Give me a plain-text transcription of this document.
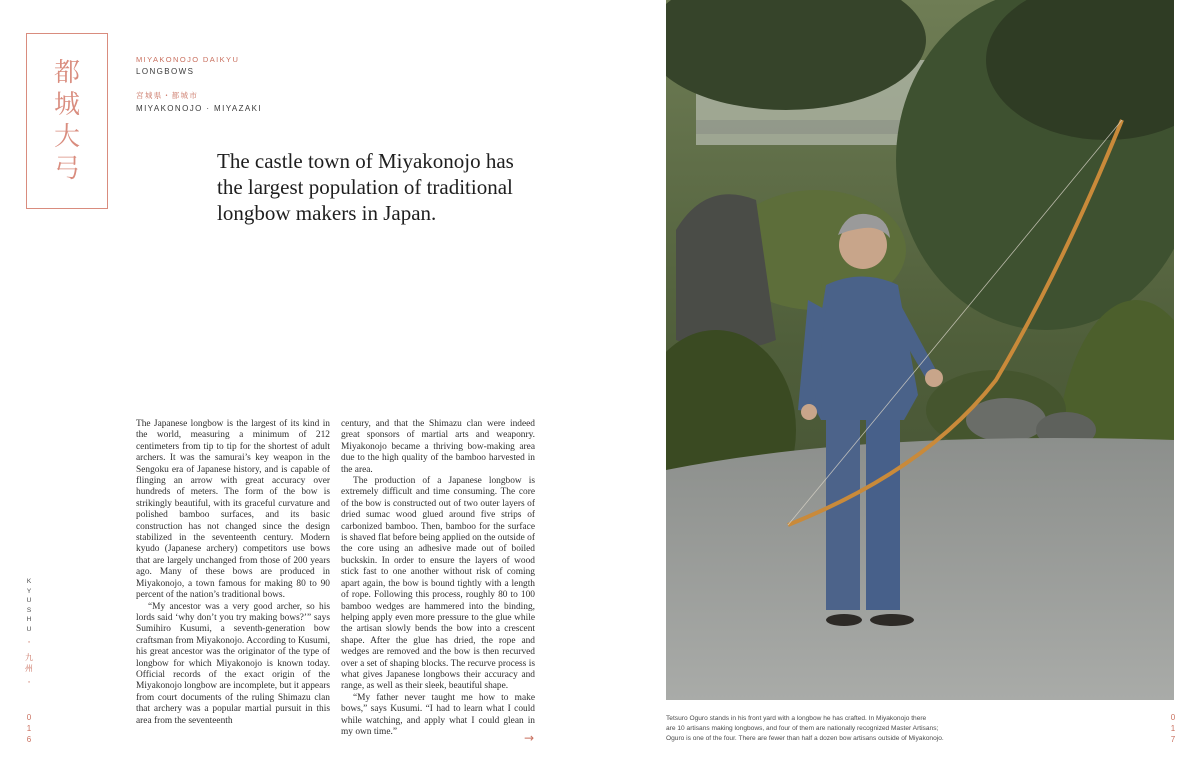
都
城
大
弓
MIYAKONOJO DAIKYU
LONGBOWS
宮城県・都城市
MIYAKONOJO · MIYAZAKI
The castle town of Miyakonojo has
the largest population of traditional
longbow makers in Japan.

The Japanese longbow is the largest of its kind in the world, measuring a minimum of 212 centimeters from tip to tip for the shortest of adult archers. It was the samurai’s key weapon in the Sengoku era of Japanese history, and is capable of flinging an arrow with great accuracy over hundreds of meters. The form of the bow is strikingly beautiful, with its graceful curvature and polished bamboo surfaces, and its basic construction has not changed since the design stabilized in the seventeenth century. Modern kyudo (Japanese archery) competitors use bows that are largely unchanged from those of 200 years ago. Many of these bows are produced in Miyakonojo, a town famous for making 80 to 90 percent of the nation’s traditional bows.

“My ancestor was a very good archer, so his lords said ‘why don’t you try making bows?’” says Sumihiro Kusumi, a seventh-generation bow craftsman from Miyakonojo. According to Kusumi, his great ancestor was the originator of the type of longbow for which Miyakonojo is known today. Official records of the exact origin of the Miyakonojo longbow are incomplete, but it appears from court documents of the ruling Shimazu clan that archery was a popular martial pursuit in this area from the seventeenth

century, and that the Shimazu clan were indeed great sponsors of martial arts and weaponry. Miyakonojo became a thriving bow-making area due to the high quality of the bamboo harvested in the area.

The production of a Japanese longbow is extremely difficult and time consuming. The core of the bow is constructed out of two outer layers of dried sumac wood glued around five strips of carbonized bamboo. Then, bamboo for the surface is shaved flat before being applied on the outside of the core using an adhesive made out of boiled buckskin. In order to ensure the layers of wood stick fast to one another without risk of coming apart again, the bow is bound tightly with a length of rope. Following this process, roughly 80 to 100 bamboo wedges are hammered into the binding, helping apply even more pressure to the glue while the artisan slowly bends the bow into a crescent shape. After the glue has dried, the rope and wedges are removed and the bow is then recurved over a set of shaping blocks. The recurve process is what gives Japanese longbows their accuracy and range, as well as their sleek, beautiful shape.

“My father never taught me how to make bows,” says Kusumi. “I had to learn what I could while watching, and apply what I could glean in my own time.”

K
Y
U
S
H
U
◦
九
州
◦
0
1
6	→
Tetsuro Oguro stands in his front yard with a longbow he has crafted. In Miyakonojo there
are 10 artisans making longbows, and four of them are nationally recognized Master Artisans;
Oguro is one of the four. There are fewer than half a dozen bow artisans outside of Miyakonojo.
0
1
7
